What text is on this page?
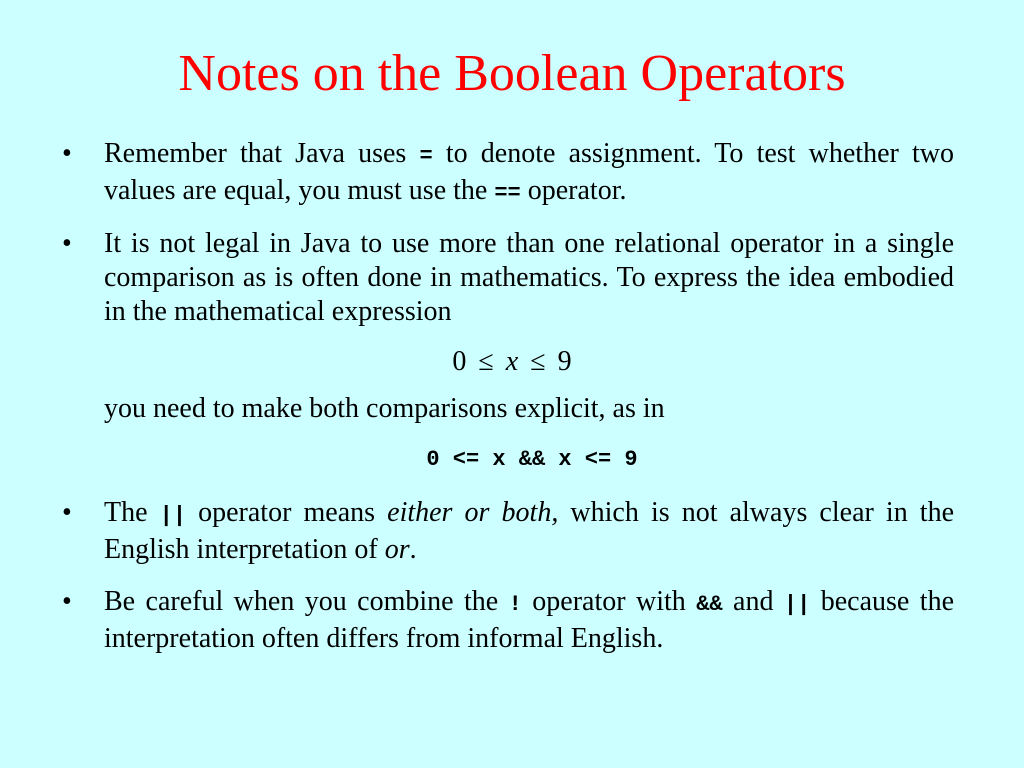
Notes on the Boolean Operators
• Remember that Java uses = to denote assignment. To test whether two values are equal, you must use the == operator.

• It is not legal in Java to use more than one relational operator in a single comparison as is often done in mathematics. To express the idea embodied in the mathematical expression

0 ≤ x ≤ 9

you need to make both comparisons explicit, as in

0 <= x && x <= 9

• The || operator means either or both, which is not always clear in the English interpretation of or.

• Be careful when you combine the ! operator with && and || because the interpretation often differs from informal English.
